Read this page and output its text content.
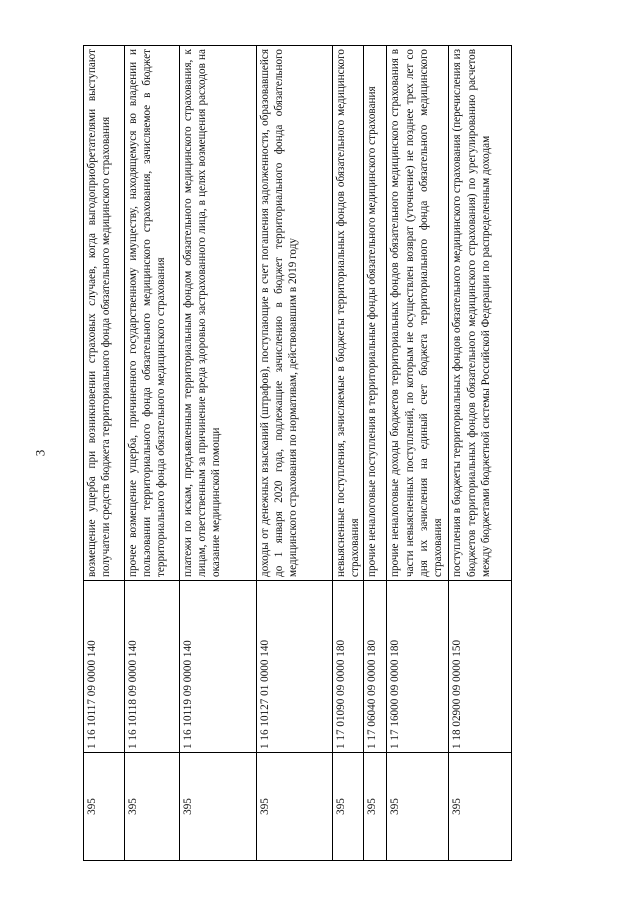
3
395	1 16 10117 09 0000 140	возмещение ущерба при возникновении страховых случаев, когда выгодоприобретателями выступают получатели средств бюджета территориального фонда обязательного медицинского страхования
395	1 16 10118 09 0000 140	прочее возмещение ущерба, причиненного государственному имуществу, находящемуся во владении и пользовании территориального фонда обязательного медицинского страхования, зачисляемое в бюджет территориального фонда обязательного медицинского страхования
395	1 16 10119 09 0000 140	платежи по искам, предъявленным территориальным фондом обязательного медицинского страхования, к лицам, ответственным за причинение вреда здоровью застрахованного лица, в целях возмещения расходов на оказание медицинской помощи
395	1 16 10127 01 0000 140	доходы от денежных взысканий (штрафов), поступающие в счет погашения задолженности, образовавшейся до 1 января 2020 года, подлежащие зачислению в бюджет территориального фонда обязательного медицинского страхования по нормативам, действовавшим в 2019 году
395	1 17 01090 09 0000 180	невыясненные поступления, зачисляемые в бюджеты территориальных фондов обязательного медицинского страхования
395	1 17 06040 09 0000 180	прочие неналоговые поступления в территориальные фонды обязательного медицинского страхования
395	1 17 16000 09 0000 180	прочие неналоговые доходы бюджетов территориальных фондов обязательного медицинского страхования в части невыясненных поступлений, по которым не осуществлен возврат (уточнение) не позднее трех лет со дня их зачисления на единый счет бюджета территориального фонда обязательного медицинского страхования
395	1 18 02900 09 0000 150	поступления в бюджеты территориальных фондов обязательного медицинского страхования (перечисления из бюджетов территориальных фондов обязательного медицинского страхования) по урегулированию расчетов между бюджетами бюджетной системы Российской Федерации по распределенным доходам
